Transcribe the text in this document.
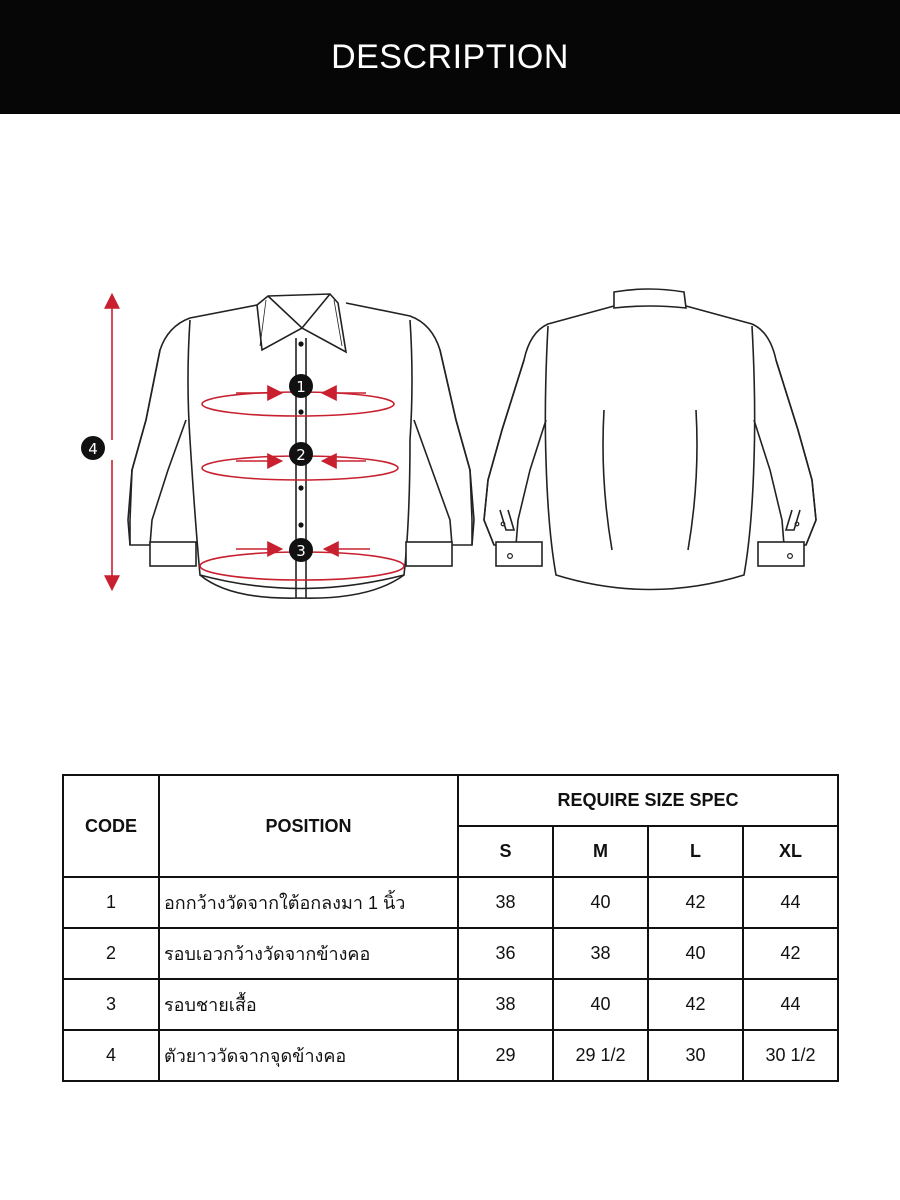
DESCRIPTION
1
2
3
4
CODE	POSITION	REQUIRE SIZE SPEC			
		S	M	L	XL
1	อกกว้างวัดจากใต้อกลงมา 1 นิ้ว	38	40	42	44
2	รอบเอวกว้างวัดจากข้างคอ	36	38	40	42
3	รอบชายเสื้อ	38	40	42	44
4	ตัวยาววัดจากจุดข้างคอ	29	29 1/2	30	30 1/2
